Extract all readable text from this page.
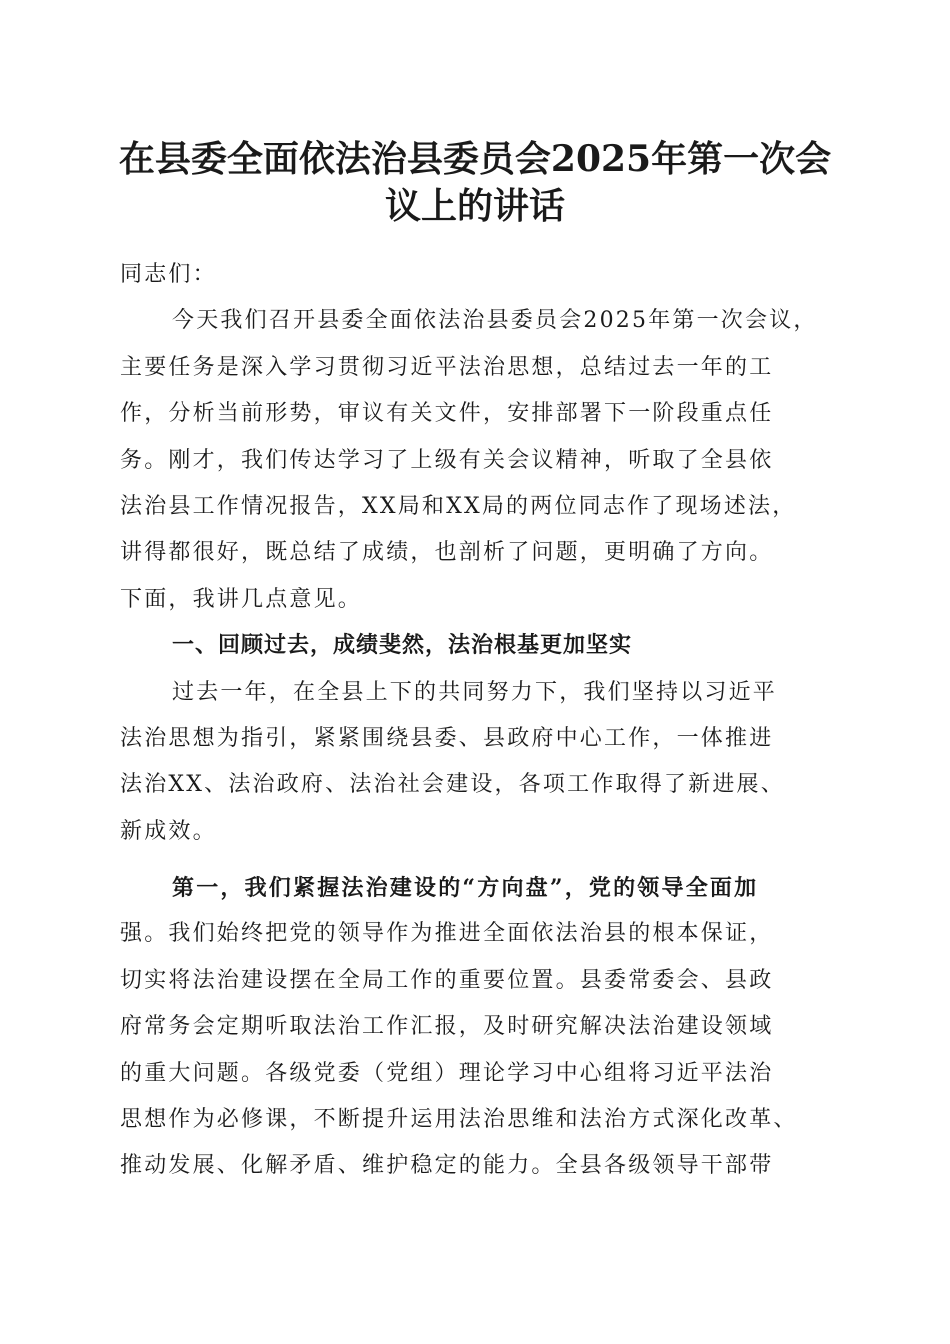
在县委全面依法治县委员会2025年第一次会
议上的讲话
同志们：
今天我们召开县委全面依法治县委员会2025年第一次会议，
主要任务是深入学习贯彻习近平法治思想，总结过去一年的工
作，分析当前形势，审议有关文件，安排部署下一阶段重点任
务。刚才，我们传达学习了上级有关会议精神，听取了全县依
法治县工作情况报告，XX局和XX局的两位同志作了现场述法，
讲得都很好，既总结了成绩，也剖析了问题，更明确了方向。
下面，我讲几点意见。
一、回顾过去，成绩斐然，法治根基更加坚实
过去一年，在全县上下的共同努力下，我们坚持以习近平
法治思想为指引，紧紧围绕县委、县政府中心工作，一体推进
法治XX、法治政府、法治社会建设，各项工作取得了新进展、
新成效。
第一，我们紧握法治建设的“方向盘”，党的领导全面加
强。我们始终把党的领导作为推进全面依法治县的根本保证，
切实将法治建设摆在全局工作的重要位置。县委常委会、县政
府常务会定期听取法治工作汇报，及时研究解决法治建设领域
的重大问题。各级党委（党组）理论学习中心组将习近平法治
思想作为必修课，不断提升运用法治思维和法治方式深化改革、
推动发展、化解矛盾、维护稳定的能力。全县各级领导干部带
